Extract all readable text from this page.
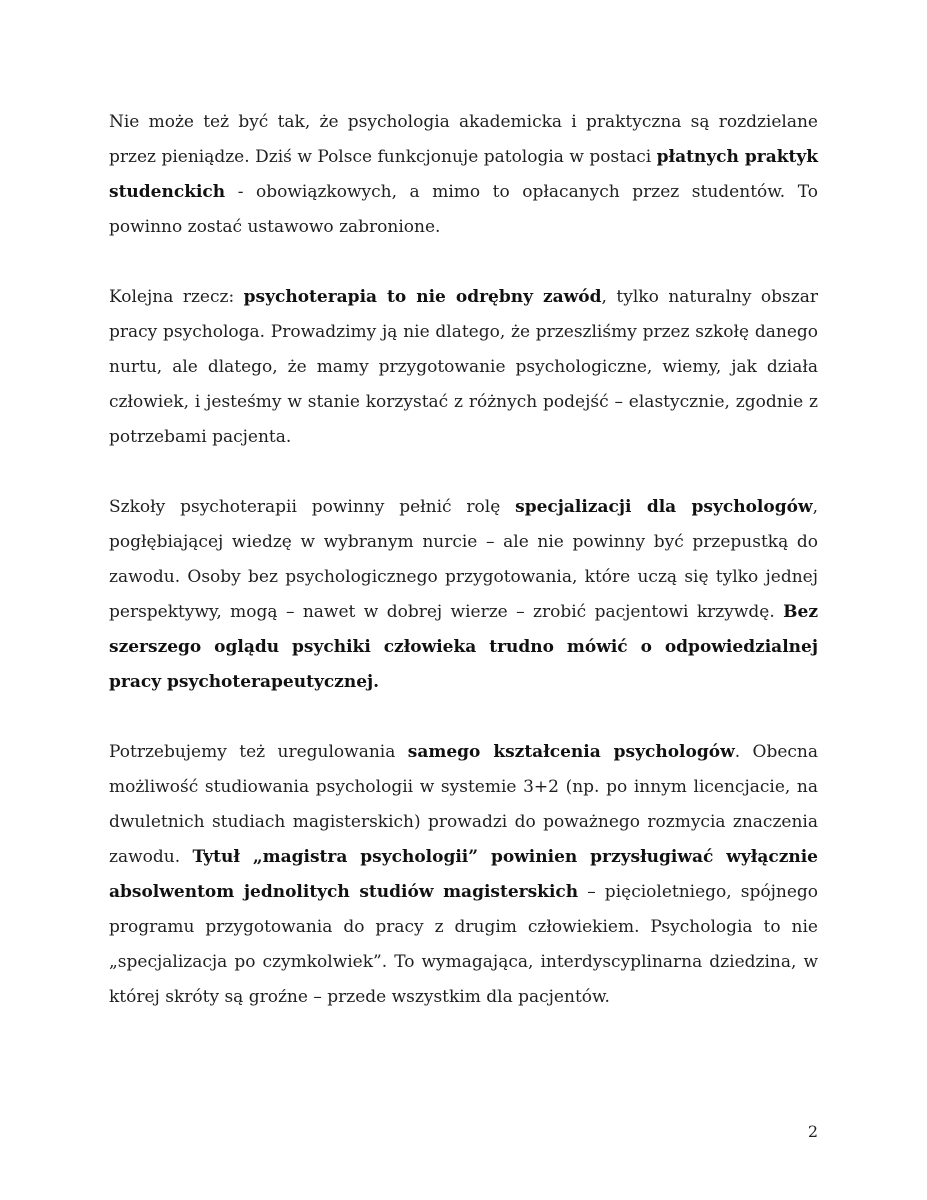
Nie może też być tak, że psychologia akademicka i praktyczna są rozdzielane przez pieniądze. Dziś w Polsce funkcjonuje patologia w postaci płatnych praktyk studenckich - obowiązkowych, a mimo to opłacanych przez studentów. To powinno zostać ustawowo zabronione.

Kolejna rzecz: psychoterapia to nie odrębny zawód, tylko naturalny obszar pracy psychologa. Prowadzimy ją nie dlatego, że przeszliśmy przez szkołę danego nurtu, ale dlatego, że mamy przygotowanie psychologiczne, wiemy, jak działa człowiek, i jesteśmy w stanie korzystać z różnych podejść – elastycznie, zgodnie z potrzebami pacjenta.

Szkoły psychoterapii powinny pełnić rolę specjalizacji dla psychologów, pogłębiającej wiedzę w wybranym nurcie – ale nie powinny być przepustką do zawodu. Osoby bez psychologicznego przygotowania, które uczą się tylko jednej perspektywy, mogą – nawet w dobrej wierze – zrobić pacjentowi krzywdę. Bez szerszego oglądu psychiki człowieka trudno mówić o odpowiedzialnej pracy psychoterapeutycznej.

Potrzebujemy też uregulowania samego kształcenia psychologów. Obecna możliwość studiowania psychologii w systemie 3+2 (np. po innym licencjacie, na dwuletnich studiach magisterskich) prowadzi do poważnego rozmycia znaczenia zawodu. Tytuł „magistra psychologii” powinien przysługiwać wyłącznie absolwentom jednolitych studiów magisterskich – pięcioletniego, spójnego programu przygotowania do pracy z drugim człowiekiem. Psychologia to nie „specjalizacja po czymkolwiek”. To wymagająca, interdyscyplinarna dziedzina, w której skróty są groźne – przede wszystkim dla pacjentów.

2
